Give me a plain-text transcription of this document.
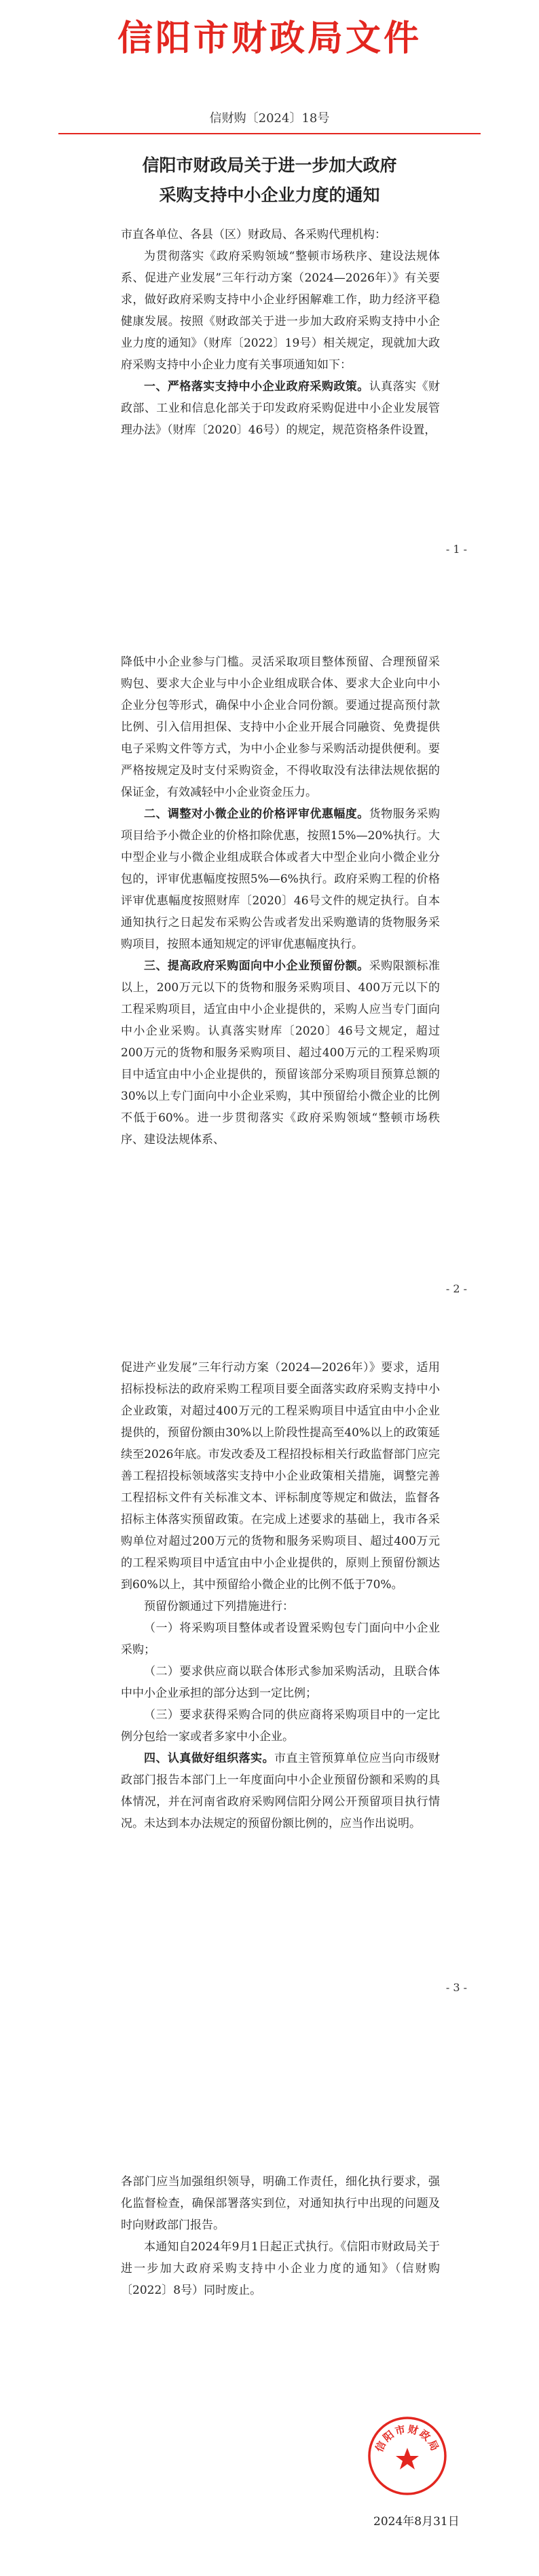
信阳市财政局文件
信财购〔2024〕18号
信阳市财政局关于进一步加大政府
采购支持中小企业力度的通知

市直各单位、各县（区）财政局、各采购代理机构：

为贯彻落实《政府采购领域“整顿市场秩序、建设法规体系、促进产业发展”三年行动方案（2024—2026年）》有关要求，做好政府采购支持中小企业纾困解难工作，助力经济平稳健康发展。按照《财政部关于进一步加大政府采购支持中小企业力度的通知》（财库〔2022〕19号）相关规定，现就加大政府采购支持中小企业力度有关事项通知如下：

一、严格落实支持中小企业政府采购政策。认真落实《财政部、工业和信息化部关于印发政府采购促进中小企业发展管理办法》（财库〔2020〕46号）的规定，规范资格条件设置，

- 1 -

降低中小企业参与门槛。灵活采取项目整体预留、合理预留采购包、要求大企业与中小企业组成联合体、要求大企业向中小企业分包等形式，确保中小企业合同份额。要通过提高预付款比例、引入信用担保、支持中小企业开展合同融资、免费提供电子采购文件等方式，为中小企业参与采购活动提供便利。要严格按规定及时支付采购资金，不得收取没有法律法规依据的保证金，有效减轻中小企业资金压力。

二、调整对小微企业的价格评审优惠幅度。货物服务采购项目给予小微企业的价格扣除优惠，按照15%—20%执行。大中型企业与小微企业组成联合体或者大中型企业向小微企业分包的，评审优惠幅度按照5%—6%执行。政府采购工程的价格评审优惠幅度按照财库〔2020〕46号文件的规定执行。自本通知执行之日起发布采购公告或者发出采购邀请的货物服务采购项目，按照本通知规定的评审优惠幅度执行。

三、提高政府采购面向中小企业预留份额。采购限额标准以上，200万元以下的货物和服务采购项目、400万元以下的工程采购项目，适宜由中小企业提供的，采购人应当专门面向中小企业采购。认真落实财库〔2020〕46号文规定，超过200万元的货物和服务采购项目、超过400万元的工程采购项目中适宜由中小企业提供的，预留该部分采购项目预算总额的30%以上专门面向中小企业采购，其中预留给小微企业的比例不低于60%。进一步贯彻落实《政府采购领域“整顿市场秩序、建设法规体系、

- 2 -

促进产业发展”三年行动方案（2024—2026年）》要求，适用招标投标法的政府采购工程项目要全面落实政府采购支持中小企业政策，对超过400万元的工程采购项目中适宜由中小企业提供的，预留份额由30%以上阶段性提高至40%以上的政策延续至2026年底。市发改委及工程招投标相关行政监督部门应完善工程招投标领域落实支持中小企业政策相关措施，调整完善工程招标文件有关标准文本、评标制度等规定和做法，监督各招标主体落实预留政策。在完成上述要求的基础上，我市各采购单位对超过200万元的货物和服务采购项目、超过400万元的工程采购项目中适宜由中小企业提供的，原则上预留份额达到60%以上，其中预留给小微企业的比例不低于70%。

预留份额通过下列措施进行：

（一）将采购项目整体或者设置采购包专门面向中小企业采购；

（二）要求供应商以联合体形式参加采购活动，且联合体中中小企业承担的部分达到一定比例；

（三）要求获得采购合同的供应商将采购项目中的一定比例分包给一家或者多家中小企业。

四、认真做好组织落实。市直主管预算单位应当向市级财政部门报告本部门上一年度面向中小企业预留份额和采购的具体情况，并在河南省政府采购网信阳分网公开预留项目执行情况。未达到本办法规定的预留份额比例的，应当作出说明。

- 3 -

各部门应当加强组织领导，明确工作责任，细化执行要求，强化监督检查，确保部署落实到位，对通知执行中出现的问题及时向财政部门报告。

本通知自2024年9月1日起正式执行。《信阳市财政局关于进一步加大政府采购支持中小企业力度的通知》（信财购〔2022〕8号）同时废止。

信阳市财政局
2024年8月31日
